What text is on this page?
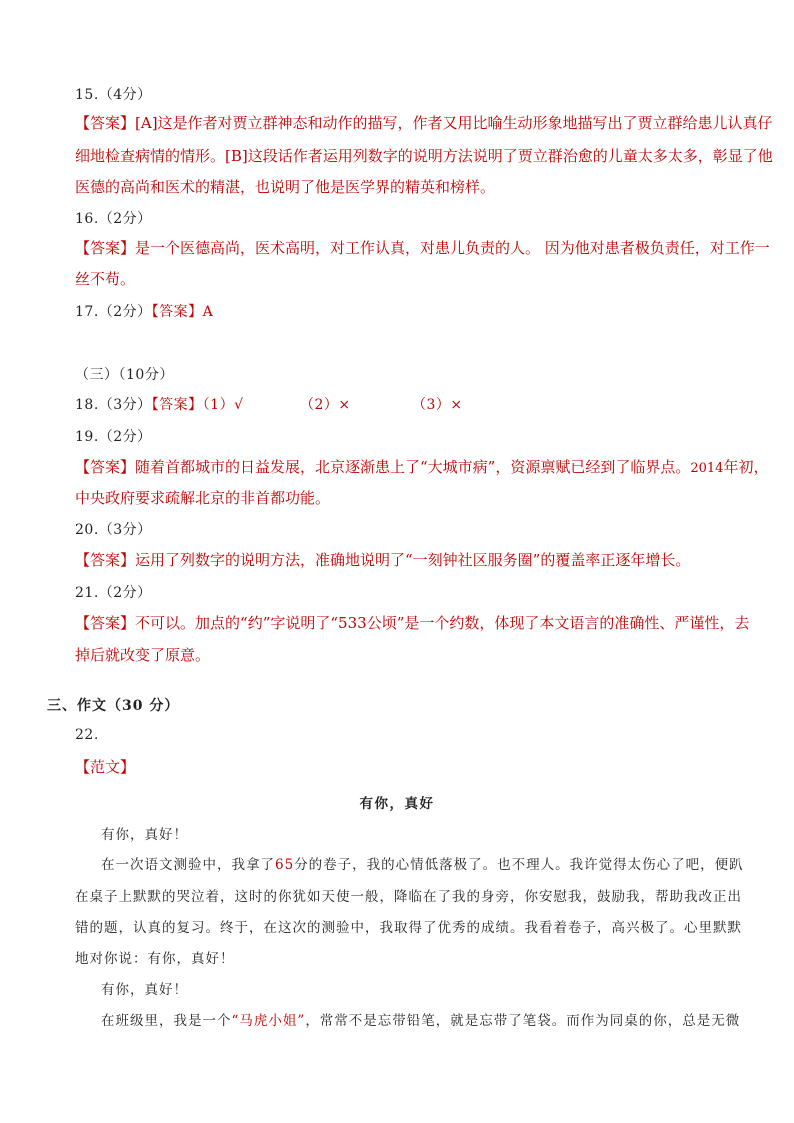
15.（4分）
【答案】[A]这是作者对贾立群神态和动作的描写，作者又用比喻生动形象地描写出了贾立群给患儿认真仔
细地检查病情的情形。[B]这段话作者运用列数字的说明方法说明了贾立群治愈的儿童太多太多，彰显了他
医德的高尚和医术的精湛，也说明了他是医学界的精英和榜样。
16.（2分）
【答案】是一个医德高尚，医术高明，对工作认真，对患儿负责的人。 因为他对患者极负责任，对工作一
丝不苟。
17.（2分）【答案】A
（三）（10分）
18.（3分）【答案】（1）√	（2）×	（3）×
19.（2分）
【答案】随着首都城市的日益发展，北京逐渐患上了“大城市病”，资源禀赋已经到了临界点。2014年初，
中央政府要求疏解北京的非首都功能。
20.（3分）
【答案】运用了列数字的说明方法，准确地说明了“一刻钟社区服务圈”的覆盖率正逐年增长。
21.（2分）
【答案】不可以。加点的“约”字说明了“533公顷”是一个约数，体现了本文语言的准确性、严谨性，去
掉后就改变了原意。
三、作文（30 分）
22.
【范文】
有你，真好
有你，真好！
在一次语文测验中，我拿了65分的卷子，我的心情低落极了。也不理人。我许觉得太伤心了吧，便趴
在桌子上默默的哭泣着，这时的你犹如天使一般，降临在了我的身旁，你安慰我，鼓励我，帮助我改正出
错的题，认真的复习。终于，在这次的测验中，我取得了优秀的成绩。我看着卷子，高兴极了。心里默默
地对你说：有你，真好！
有你，真好！
在班级里，我是一个“马虎小姐”，常常不是忘带铅笔，就是忘带了笔袋。而作为同桌的你，总是无微
